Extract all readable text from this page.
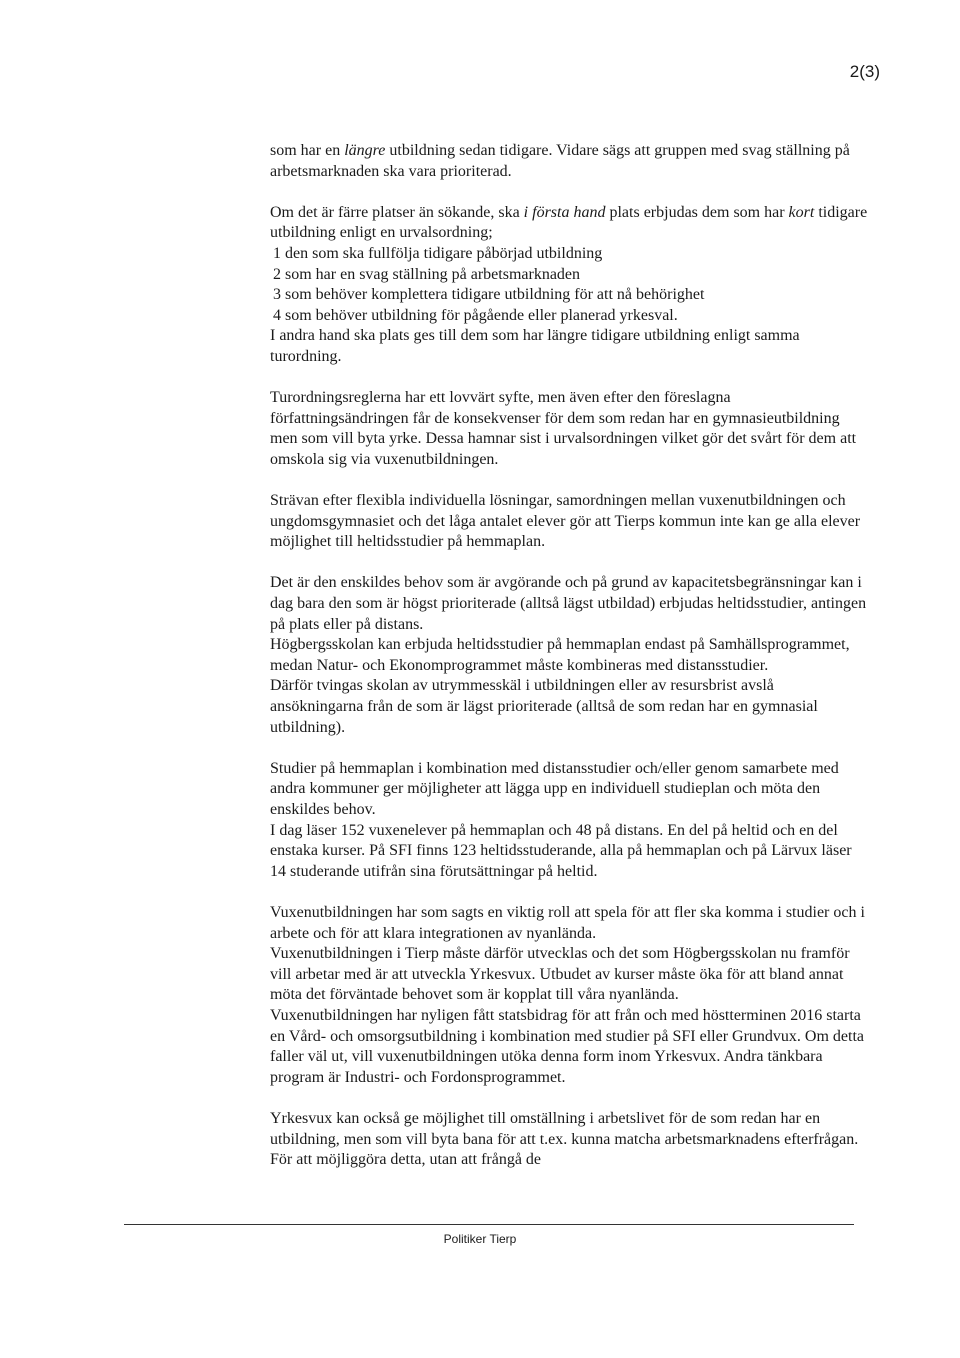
2(3)

som har en längre utbildning sedan tidigare. Vidare sägs att gruppen med svag ställning på arbetsmarknaden ska vara prioriterad.

Om det är färre platser än sökande, ska i första hand plats erbjudas dem som har kort tidigare utbildning enligt en urvalsordning;

1 den som ska fullfölja tidigare påbörjad utbildning

2 som har en svag ställning på arbetsmarknaden

3 som behöver komplettera tidigare utbildning för att nå behörighet

4 som behöver utbildning för pågående eller planerad yrkesval.

I andra hand ska plats ges till dem som har längre tidigare utbildning enligt samma turordning.

Turordningsreglerna har ett lovvärt syfte, men även efter den föreslagna författningsändringen får de konsekvenser för dem som redan har en gymnasieutbildning men som vill byta yrke. Dessa hamnar sist i urvalsordningen vilket gör det svårt för dem att omskola sig via vuxenutbildningen.

Strävan efter flexibla individuella lösningar, samordningen mellan vuxenutbildningen och ungdomsgymnasiet och det låga antalet elever gör att Tierps kommun inte kan ge alla elever möjlighet till heltidsstudier på hemmaplan.

Det är den enskildes behov som är avgörande och på grund av kapacitetsbegränsningar kan i dag bara den som är högst prioriterade (alltså lägst utbildad) erbjudas heltidsstudier, antingen på plats eller på distans.

Högbergsskolan kan erbjuda heltidsstudier på hemmaplan endast på Samhällsprogrammet, medan Natur- och Ekonomprogrammet måste kombineras med distansstudier.

Därför tvingas skolan av utrymmesskäl i utbildningen eller av resursbrist avslå ansökningarna från de som är lägst prioriterade (alltså de som redan har en gymnasial utbildning).

Studier på hemmaplan i kombination med distansstudier och/eller genom samarbete med andra kommuner ger möjligheter att lägga upp en individuell studieplan och möta den enskildes behov.

I dag läser 152 vuxenelever på hemmaplan och 48 på distans. En del på heltid och en del enstaka kurser. På SFI finns 123 heltidsstuderande, alla på hemmaplan och på Lärvux läser 14 studerande utifrån sina förutsättningar på heltid.

Vuxenutbildningen har som sagts en viktig roll att spela för att fler ska komma i studier och i arbete och för att klara integrationen av nyanlända.

Vuxenutbildningen i Tierp måste därför utvecklas och det som Högbergsskolan nu framför vill arbetar med är att utveckla Yrkesvux. Utbudet av kurser måste öka för att bland annat möta det förväntade behovet som är kopplat till våra nyanlända.

Vuxenutbildningen har nyligen fått statsbidrag för att från och med höstterminen 2016 starta en Vård- och omsorgsutbildning i kombination med studier på SFI eller Grundvux. Om detta faller väl ut, vill vuxenutbildningen utöka denna form inom Yrkesvux. Andra tänkbara program är Industri- och Fordonsprogrammet.

Yrkesvux kan också ge möjlighet till omställning i arbetslivet för de som redan har en utbildning, men som vill byta bana för att t.ex. kunna matcha arbetsmarknadens efterfrågan. För att möjliggöra detta, utan att frångå de

Politiker Tierp
